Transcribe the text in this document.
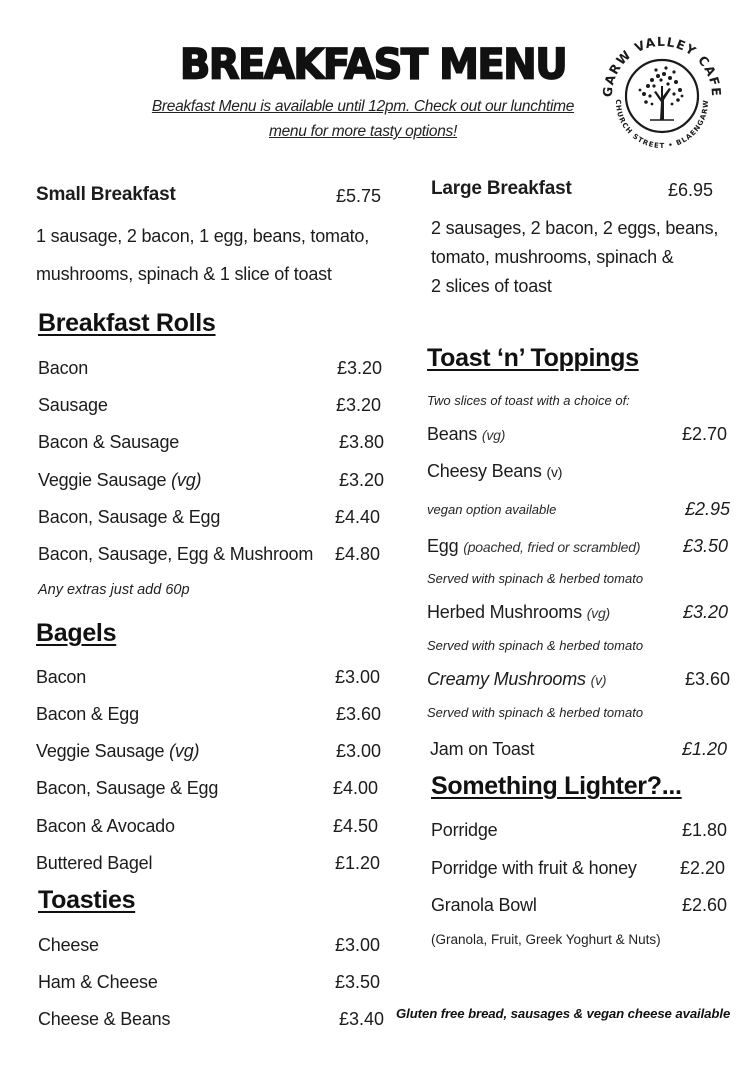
BREAKFAST MENU
Breakfast Menu is available until 12pm. Check out our lunchtime
menu for more tasty options!
GARW VALLEY CAFE
CHURCH STREET • BLAENGARW
Small Breakfast	£5.75
1 sausage, 2 bacon, 1 egg, beans, tomato,
mushrooms, spinach & 1 slice of toast
Large Breakfast	£6.95
2 sausages, 2 bacon, 2 eggs, beans,
tomato, mushrooms, spinach &
2 slices of toast
Breakfast Rolls
Bacon	£3.20
Sausage	£3.20
Bacon & Sausage	£3.80
Veggie Sausage (vg)	£3.20
Bacon, Sausage & Egg	£4.40
Bacon, Sausage, Egg & Mushroom £4.80
Any extras just add 60p
Bagels
Bacon	£3.00
Bacon & Egg	£3.60
Veggie Sausage (vg)	£3.00
Bacon, Sausage & Egg	£4.00
Bacon & Avocado	£4.50
Buttered Bagel	£1.20
Toasties
Cheese	£3.00
Ham & Cheese	£3.50
Cheese & Beans	£3.40
Toast ‘n’ Toppings
Two slices of toast with a choice of:
Beans (vg)	£2.70
Cheesy Beans (v)
vegan option available	£2.95
Egg (poached, fried or scrambled) £3.50
Served with spinach & herbed tomato
Herbed Mushrooms (vg)	£3.20
Served with spinach & herbed tomato
Creamy Mushrooms (v)	£3.60
Served with spinach & herbed tomato
Jam on Toast	£1.20
Something Lighter?...
Porridge	£1.80
Porridge with fruit & honey £2.20
Granola Bowl	£2.60
(Granola, Fruit, Greek Yoghurt & Nuts)
Gluten free bread, sausages & vegan cheese available
